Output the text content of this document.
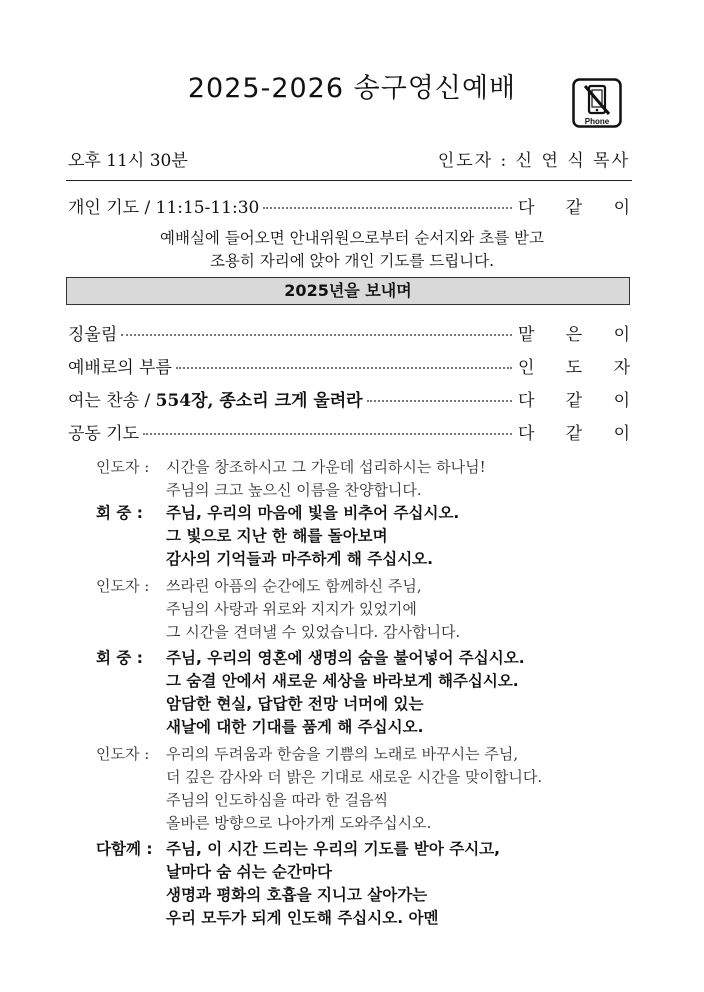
2025-2026 송구영신예배
Phone
오후 11시 30분	인도자 : 신 연 식 목사
개인 기도 / 11:15-11:30	다 같 이
예배실에 들어오면 안내위원으로부터 순서지와 초를 받고
조용히 자리에 앉아 개인 기도를 드립니다.
2025년을 보내며
징울림	맡 은 이
예배로의 부름	인 도 자
여는 찬송 / 554장, 종소리 크게 울려라	다 같 이
공동 기도	다 같 이
인도자 :	시간을 창조하시고 그 가운데 섭리하시는 하나님!
주님의 크고 높으신 이름을 찬양합니다.
회 중 :	주님, 우리의 마음에 빛을 비추어 주십시오.
그 빛으로 지난 한 해를 돌아보며
감사의 기억들과 마주하게 해 주십시오.
인도자 :	쓰라린 아픔의 순간에도 함께하신 주님,
주님의 사랑과 위로와 지지가 있었기에
그 시간을 견뎌낼 수 있었습니다. 감사합니다.
회 중 :	주님, 우리의 영혼에 생명의 숨을 불어넣어 주십시오.
그 숨결 안에서 새로운 세상을 바라보게 해주십시오.
암담한 현실, 답답한 전망 너머에 있는
새날에 대한 기대를 품게 해 주십시오.
인도자 :	우리의 두려움과 한숨을 기쁨의 노래로 바꾸시는 주님,
더 깊은 감사와 더 밝은 기대로 새로운 시간을 맞이합니다.
주님의 인도하심을 따라 한 걸음씩
올바른 방향으로 나아가게 도와주십시오.
다함께 : 주님, 이 시간 드리는 우리의 기도를 받아 주시고,
날마다 숨 쉬는 순간마다
생명과 평화의 호흡을 지니고 살아가는
우리 모두가 되게 인도해 주십시오. 아멘
